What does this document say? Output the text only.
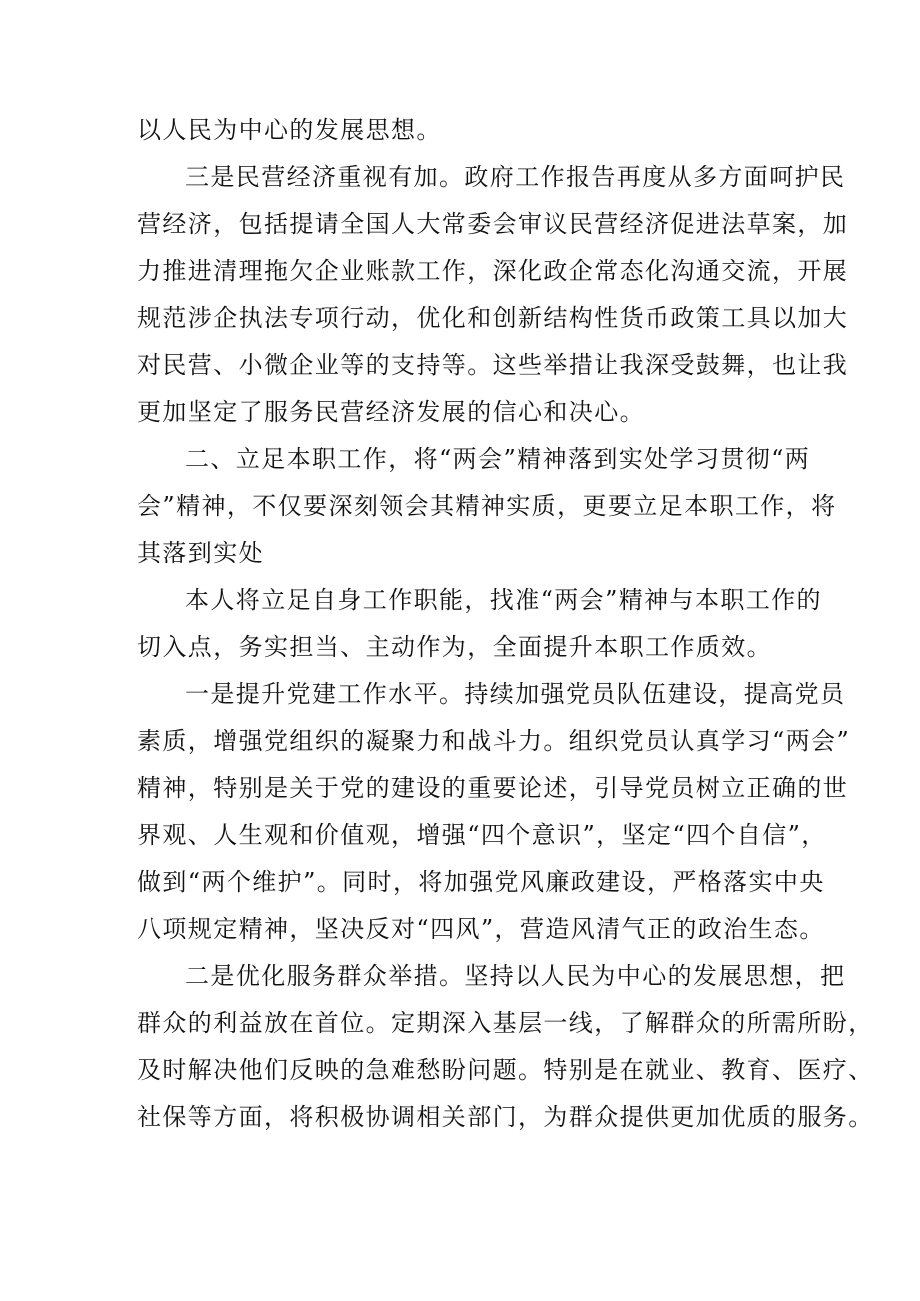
以人民为中心的发展思想。

三是民营经济重视有加。政府工作报告再度从多方面呵护民
营经济，包括提请全国人大常委会审议民营经济促进法草案，加
力推进清理拖欠企业账款工作，深化政企常态化沟通交流，开展
规范涉企执法专项行动，优化和创新结构性货币政策工具以加大
对民营、小微企业等的支持等。这些举措让我深受鼓舞，也让我
更加坚定了服务民营经济发展的信心和决心。

二、立足本职工作，将“两会”精神落到实处学习贯彻“两
会”精神，不仅要深刻领会其精神实质，更要立足本职工作，将
其落到实处

本人将立足自身工作职能，找准“两会”精神与本职工作的
切入点，务实担当、主动作为，全面提升本职工作质效。

一是提升党建工作水平。持续加强党员队伍建设，提高党员
素质，增强党组织的凝聚力和战斗力。组织党员认真学习“两会”
精神，特别是关于党的建设的重要论述，引导党员树立正确的世
界观、人生观和价值观，增强“四个意识”，坚定“四个自信”，
做到“两个维护”。同时，将加强党风廉政建设，严格落实中央
八项规定精神，坚决反对“四风”，营造风清气正的政治生态。

二是优化服务群众举措。坚持以人民为中心的发展思想，把
群众的利益放在首位。定期深入基层一线，了解群众的所需所盼，
及时解决他们反映的急难愁盼问题。特别是在就业、教育、医疗、
社保等方面，将积极协调相关部门，为群众提供更加优质的服务。
